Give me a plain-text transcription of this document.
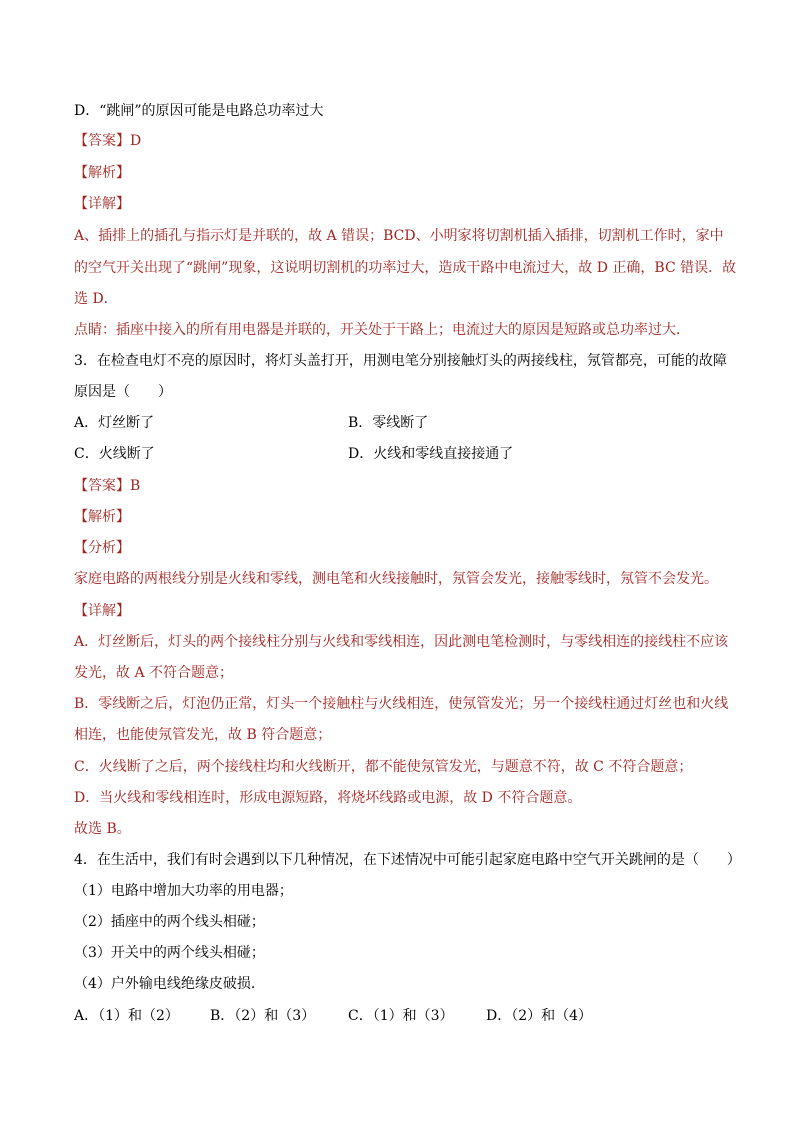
D．“跳闸”的原因可能是电路总功率过大
【答案】D
【解析】
【详解】
A、插排上的插孔与指示灯是并联的，故 A 错误；BCD、小明家将切割机插入插排，切割机工作时，家中
的空气开关出现了“跳闸”现象，这说明切割机的功率过大，造成干路中电流过大，故 D 正确，BC 错误．故
选 D．
点睛：插座中接入的所有用电器是并联的，开关处于干路上；电流过大的原因是短路或总功率过大．
3．在检查电灯不亮的原因时，将灯头盖打开，用测电笔分别接触灯头的两接线柱，氖管都亮，可能的故障
原因是（　　）
A．灯丝断了	B．零线断了
C．火线断了	D．火线和零线直接接通了
【答案】B
【解析】
【分析】
家庭电路的两根线分别是火线和零线，测电笔和火线接触时，氖管会发光，接触零线时，氖管不会发光。
【详解】
A．灯丝断后，灯头的两个接线柱分别与火线和零线相连，因此测电笔检测时，与零线相连的接线柱不应该
发光，故 A 不符合题意；
B．零线断之后，灯泡仍正常，灯头一个接触柱与火线相连，使氖管发光；另一个接线柱通过灯丝也和火线
相连，也能使氖管发光，故 B 符合题意；
C．火线断了之后，两个接线柱均和火线断开，都不能使氖管发光，与题意不符，故 C 不符合题意；
D．当火线和零线相连时，形成电源短路，将烧坏线路或电源，故 D 不符合题意。
故选 B。
4．在生活中，我们有时会遇到以下几种情况，在下述情况中可能引起家庭电路中空气开关跳闸的是（　　）
（1）电路中增加大功率的用电器；
（2）插座中的两个线头相碰；
（3）开关中的两个线头相碰；
（4）户外输电线绝缘皮破损．
A．（1）和（2） B．（2）和（3） C．（1）和（3） D．（2）和（4）
